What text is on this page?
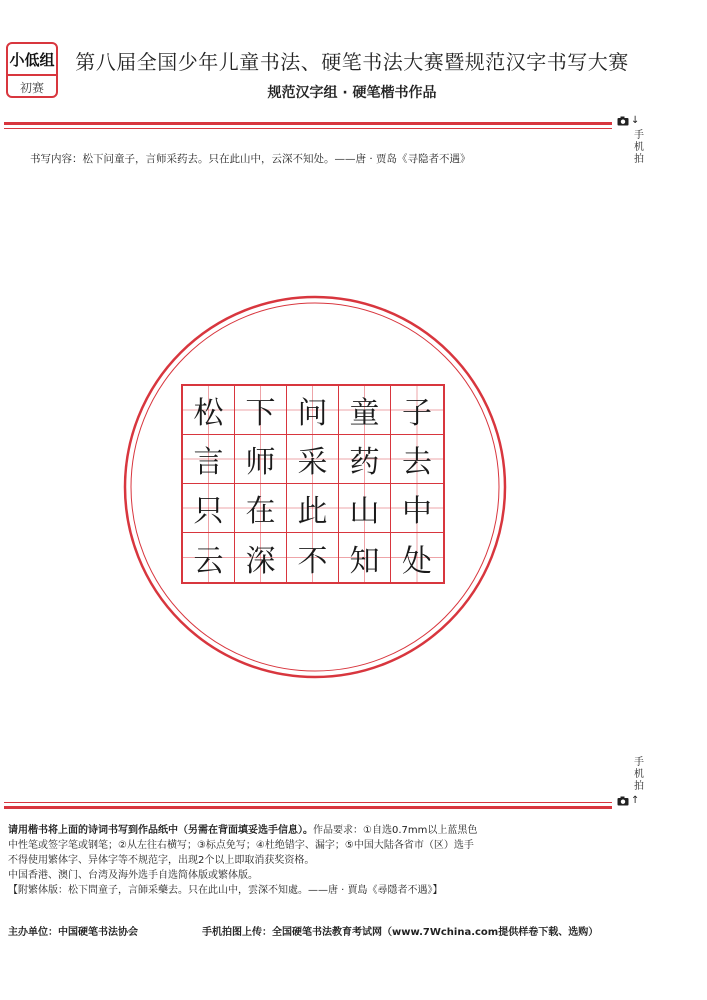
小低组
初赛
第八届全国少年儿童书法、硬笔书法大赛暨规范汉字书写大赛
规范汉字组 · 硬笔楷书作品
↓
手机拍
书写内容：松下问童子，言师采药去。只在此山中，云深不知处。——唐 · 贾岛《寻隐者不遇》
松 下 问 童 子
言 师 采 药 去
只 在 此 山 中
云 深 不 知 处
手机拍
↑

请用楷书将上面的诗词书写到作品纸中（另需在背面填妥选手信息）。作品要求：①自选0.7mm以上蓝黑色

中性笔或签字笔或钢笔；②从左往右横写；③标点免写；④杜绝错字、漏字；⑤中国大陆各省市（区）选手

不得使用繁体字、异体字等不规范字，出现2个以上即取消获奖资格。

中国香港、澳门、台湾及海外选手自选简体版或繁体版。

【附繁体版：松下問童子，言師采藥去。只在此山中，雲深不知處。——唐 · 賈島《尋隱者不遇》】

主办单位：中国硬笔书法协会	手机拍图上传：全国硬笔书法教育考试网（www.7Wchina.com提供样卷下载、选购）
